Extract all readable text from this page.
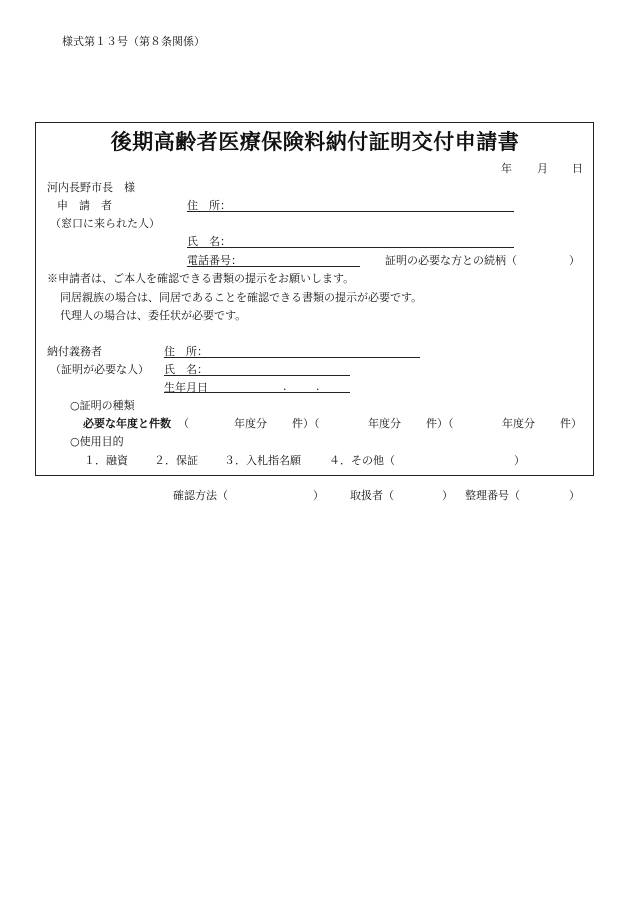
様式第１３号（第８条関係）
後期高齢者医療保険料納付証明交付申請書
年 月 日
河内長野市長　様
申　請　者
（窓口に来られた人）
住　所：
氏　名：
電話番号：	証明の必要な方との続柄（	）
※申請者は、ご本人を確認できる書類の提示をお願いします。
同居親族の場合は、同居であることを確認できる書類の提示が必要です。
代理人の場合は、委任状が必要です。
納付義務者
（証明が必要な人）
住　所：
氏　名：
生年月日	.	.
○証明の種類
必要な年度と件数 （	年度分 件）（	年度分 件）（	年度分 件）
○使用目的
１．融資 ２．保証 ３．入札指名願	４．その他（	）
確認方法（	） 取扱者（	） 整理番号（	）
